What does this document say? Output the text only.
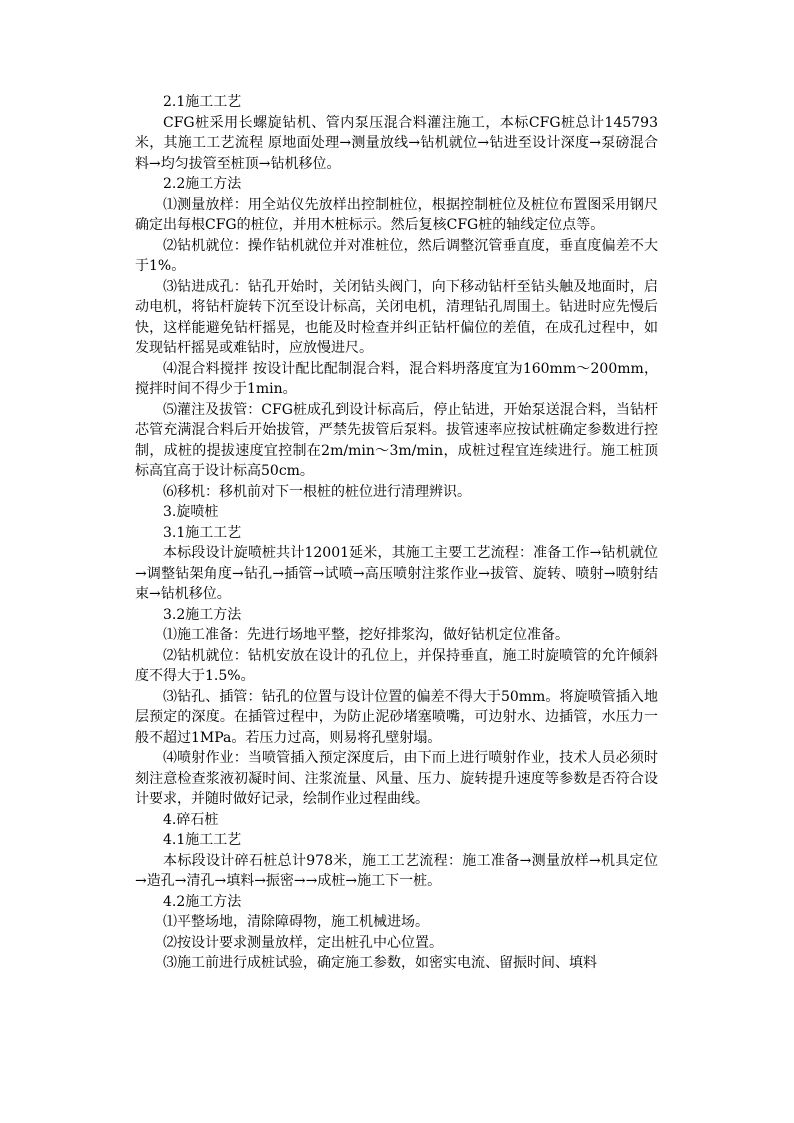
2.1施工工艺

CFG桩采用长螺旋钻机、管内泵压混合料灌注施工，本标CFG桩总计145793米，其施工工艺流程 原地面处理→测量放线→钻机就位→钻进至设计深度→泵磅混合料→均匀拔管至桩顶→钻机移位。

2.2施工方法

⑴测量放样：用全站仪先放样出控制桩位，根据控制桩位及桩位布置图采用钢尺确定出每根CFG的桩位，并用木桩标示。然后复核CFG桩的轴线定位点等。

⑵钻机就位：操作钻机就位并对准桩位，然后调整沉管垂直度，垂直度偏差不大于1%。

⑶钻进成孔：钻孔开始时，关闭钻头阀门，向下移动钻杆至钻头触及地面时，启动电机，将钻杆旋转下沉至设计标高，关闭电机，清理钻孔周围土。钻进时应先慢后快，这样能避免钻杆摇晃，也能及时检查并纠正钻杆偏位的差值，在成孔过程中，如发现钻杆摇晃或难钻时，应放慢进尺。

⑷混合料搅拌 按设计配比配制混合料，混合料坍落度宜为160mm～200mm，搅拌时间不得少于1min。

⑸灌注及拔管：CFG桩成孔到设计标高后，停止钻进，开始泵送混合料，当钻杆芯管充满混合料后开始拔管，严禁先拔管后泵料。拔管速率应按试桩确定参数进行控制，成桩的提拔速度宜控制在2m/min～3m/min，成桩过程宜连续进行。施工桩顶标高宜高于设计标高50cm。

⑹移机：移机前对下一根桩的桩位进行清理辨识。

3.旋喷桩

3.1施工工艺

本标段设计旋喷桩共计12001延米，其施工主要工艺流程：准备工作→钻机就位→调整钻架角度→钻孔→插管→试喷→高压喷射注浆作业→拔管、旋转、喷射→喷射结束→钻机移位。

3.2施工方法

⑴施工准备：先进行场地平整，挖好排浆沟，做好钻机定位准备。

⑵钻机就位：钻机安放在设计的孔位上，并保持垂直，施工时旋喷管的允许倾斜度不得大于1.5%。

⑶钻孔、插管：钻孔的位置与设计位置的偏差不得大于50mm。将旋喷管插入地层预定的深度。在插管过程中，为防止泥砂堵塞喷嘴，可边射水、边插管，水压力一般不超过1MPa。若压力过高，则易将孔壁射塌。

⑷喷射作业：当喷管插入预定深度后，由下而上进行喷射作业，技术人员必须时刻注意检查浆液初凝时间、注浆流量、风量、压力、旋转提升速度等参数是否符合设计要求，并随时做好记录，绘制作业过程曲线。

4.碎石桩

4.1施工工艺

本标段设计碎石桩总计978米，施工工艺流程：施工准备→测量放样→机具定位→造孔→清孔→填料→振密→→成桩→施工下一桩。

4.2施工方法

⑴平整场地，清除障碍物，施工机械进场。

⑵按设计要求测量放样，定出桩孔中心位置。

⑶施工前进行成桩试验，确定施工参数，如密实电流、留振时间、填料
